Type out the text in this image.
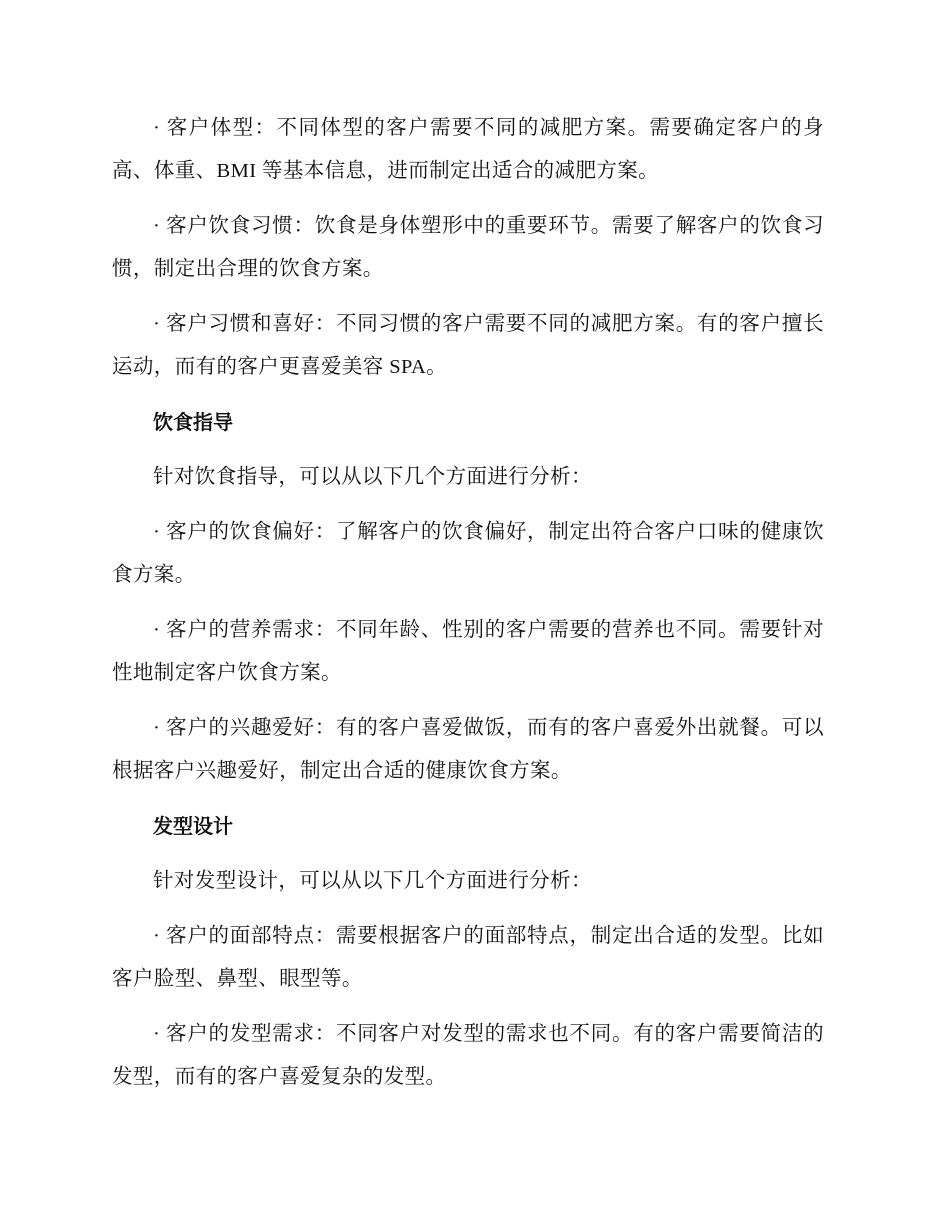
· 客户体型：不同体型的客户需要不同的减肥方案。需要确定客户的身高、体重、BMI 等基本信息，进而制定出适合的减肥方案。

· 客户饮食习惯：饮食是身体塑形中的重要环节。需要了解客户的饮食习惯，制定出合理的饮食方案。

· 客户习惯和喜好：不同习惯的客户需要不同的减肥方案。有的客户擅长运动，而有的客户更喜爱美容 SPA。

饮食指导

针对饮食指导，可以从以下几个方面进行分析：

· 客户的饮食偏好：了解客户的饮食偏好，制定出符合客户口味的健康饮食方案。

· 客户的营养需求：不同年龄、性别的客户需要的营养也不同。需要针对性地制定客户饮食方案。

· 客户的兴趣爱好：有的客户喜爱做饭，而有的客户喜爱外出就餐。可以根据客户兴趣爱好，制定出合适的健康饮食方案。

发型设计

针对发型设计，可以从以下几个方面进行分析：

· 客户的面部特点：需要根据客户的面部特点，制定出合适的发型。比如客户脸型、鼻型、眼型等。

· 客户的发型需求：不同客户对发型的需求也不同。有的客户需要简洁的发型，而有的客户喜爱复杂的发型。
